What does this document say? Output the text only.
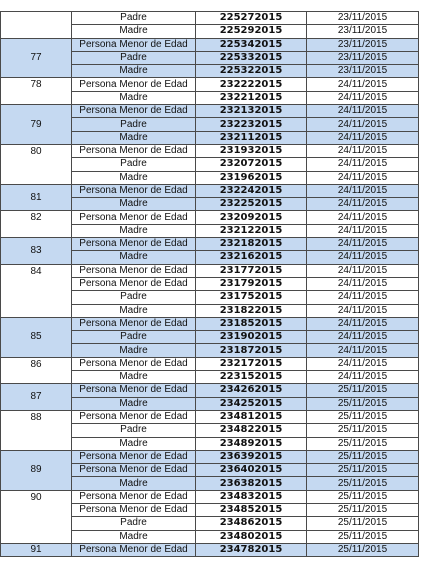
	Padre	225272015	23/11/2015
	Madre	225292015	23/11/2015
77	Persona Menor de Edad	225342015	23/11/2015
	Padre	225332015	23/11/2015
	Madre	225322015	23/11/2015
78	Persona Menor de Edad	232222015	24/11/2015
	Madre	232212015	24/11/2015
79	Persona Menor de Edad	232132015	24/11/2015
	Padre	232232015	24/11/2015
	Madre	232112015	24/11/2015
80	Persona Menor de Edad	231932015	24/11/2015
	Padre	232072015	24/11/2015
	Madre	231962015	24/11/2015
81	Persona Menor de Edad	232242015	24/11/2015
	Madre	232252015	24/11/2015
82	Persona Menor de Edad	232092015	24/11/2015
	Madre	232122015	24/11/2015
83	Persona Menor de Edad	232182015	24/11/2015
	Madre	232162015	24/11/2015
84	Persona Menor de Edad	231772015	24/11/2015
	Persona Menor de Edad	231792015	24/11/2015
	Padre	231752015	24/11/2015
	Madre	231822015	24/11/2015
85	Persona Menor de Edad	231852015	24/11/2015
	Padre	231902015	24/11/2015
	Madre	231872015	24/11/2015
86	Persona Menor de Edad	232172015	24/11/2015
	Madre	223152015	24/11/2015
87	Persona Menor de Edad	234262015	25/11/2015
	Madre	234252015	25/11/2015
88	Persona Menor de Edad	234812015	25/11/2015
	Padre	234822015	25/11/2015
	Madre	234892015	25/11/2015
89	Persona Menor de Edad	236392015	25/11/2015
	Persona Menor de Edad	236402015	25/11/2015
	Madre	236382015	25/11/2015
90	Persona Menor de Edad	234832015	25/11/2015
	Persona Menor de Edad	234852015	25/11/2015
	Padre	234862015	25/11/2015
	Madre	234802015	25/11/2015
91	Persona Menor de Edad	234782015	25/11/2015
